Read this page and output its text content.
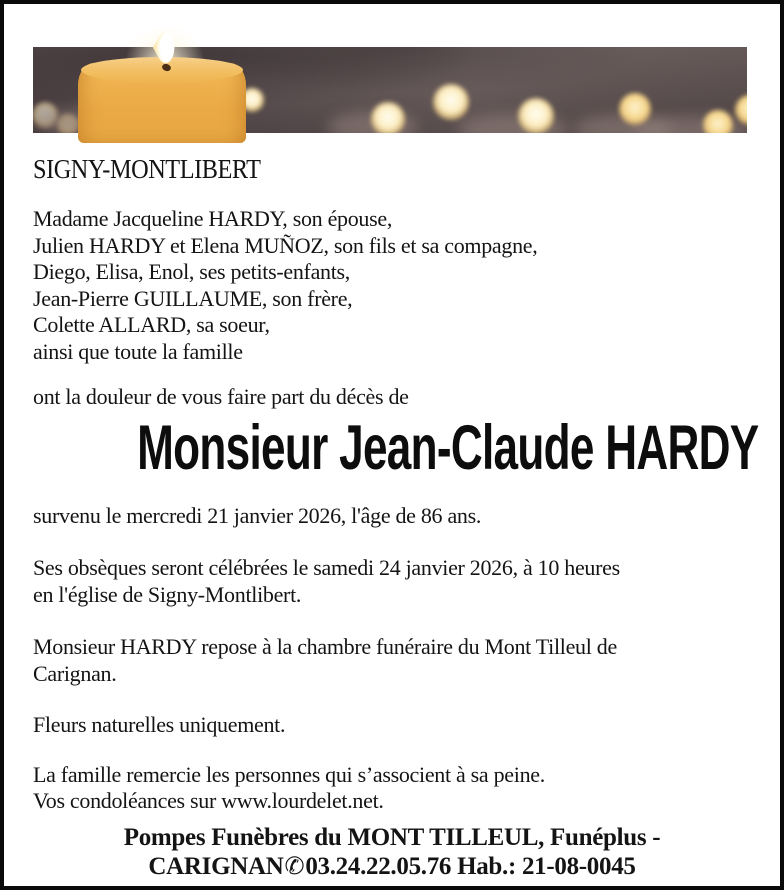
SIGNY-MONTLIBERT
Madame Jacqueline HARDY, son épouse,
Julien HARDY et Elena MUÑOZ, son fils et sa compagne,
Diego, Elisa, Enol, ses petits-enfants,
Jean-Pierre GUILLAUME, son frère,
Colette ALLARD, sa soeur,
ainsi que toute la famille
ont la douleur de vous faire part du décès de
Monsieur Jean-Claude HARDY
survenu le mercredi 21 janvier 2026, l'âge de 86 ans.
Ses obsèques seront célébrées le samedi 24 janvier 2026, à 10 heures
en l'église de Signy-Montlibert.
Monsieur HARDY repose à la chambre funéraire du Mont Tilleul de
Carignan.
Fleurs naturelles uniquement.
La famille remercie les personnes qui s’associent à sa peine.
Vos condoléances sur www.lourdelet.net.
Pompes Funèbres du MONT TILLEUL, Funéplus -
CARIGNAN✆03.24.22.05.76 Hab.: 21-08-0045
